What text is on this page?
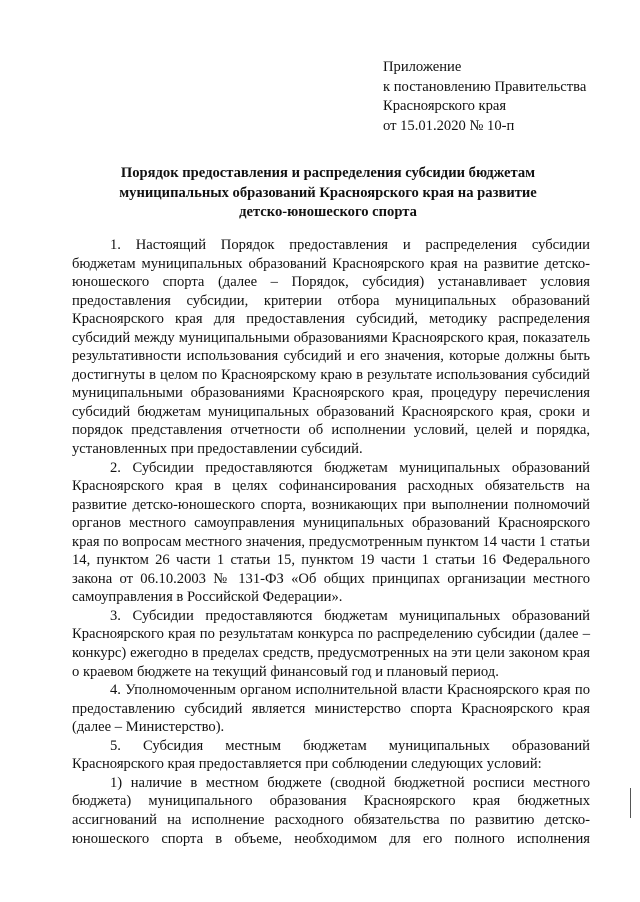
Приложение
к постановлению Правительства
Красноярского края
от 15.01.2020 № 10-п
Порядок предоставления и распределения субсидии бюджетам
муниципальных образований Красноярского края на развитие
детско-юношеского спорта

1. Настоящий Порядок предоставления и распределения субсидии бюджетам муниципальных образований Красноярского края на развитие детско-юношеского спорта (далее – Порядок, субсидия) устанавливает условия предоставления субсидии, критерии отбора муниципальных образований Красноярского края для предоставления субсидий, методику распределения субсидий между муниципальными образованиями Красноярского края, показатель результативности использования субсидий и его значения, которые должны быть достигнуты в целом по Красноярскому краю в результате использования субсидий муниципальными образованиями Красноярского края, процедуру перечисления субсидий бюджетам муниципальных образований Красноярского края, сроки и порядок представления отчетности об исполнении условий, целей и порядка, установленных при предоставлении субсидий.

2. Субсидии предоставляются бюджетам муниципальных образований Красноярского края в целях софинансирования расходных обязательств на развитие детско-юношеского спорта, возникающих при выполнении полномочий органов местного самоуправления муниципальных образований Красноярского края по вопросам местного значения, предусмотренным пунктом 14 части 1 статьи 14, пунктом 26 части 1 статьи 15, пунктом 19 части 1 статьи 16 Федерального закона от 06.10.2003 № 131-ФЗ «Об общих принципах организации местного самоуправления в Российской Федерации».

3. Субсидии предоставляются бюджетам муниципальных образований Красноярского края по результатам конкурса по распределению субсидии (далее – конкурс) ежегодно в пределах средств, предусмотренных на эти цели законом края о краевом бюджете на текущий финансовый год и плановый период.

4. Уполномоченным органом исполнительной власти Красноярского края по предоставлению субсидий является министерство спорта Красноярского края (далее – Министерство).

5. Субсидия местным бюджетам муниципальных образований Красноярского края предоставляется при соблюдении следующих условий:

1) наличие в местном бюджете (сводной бюджетной росписи местного бюджета) муниципального образования Красноярского края бюджетных ассигнований на исполнение расходного обязательства по развитию детско-юношеского спорта в объеме, необходимом для его полного исполнения
